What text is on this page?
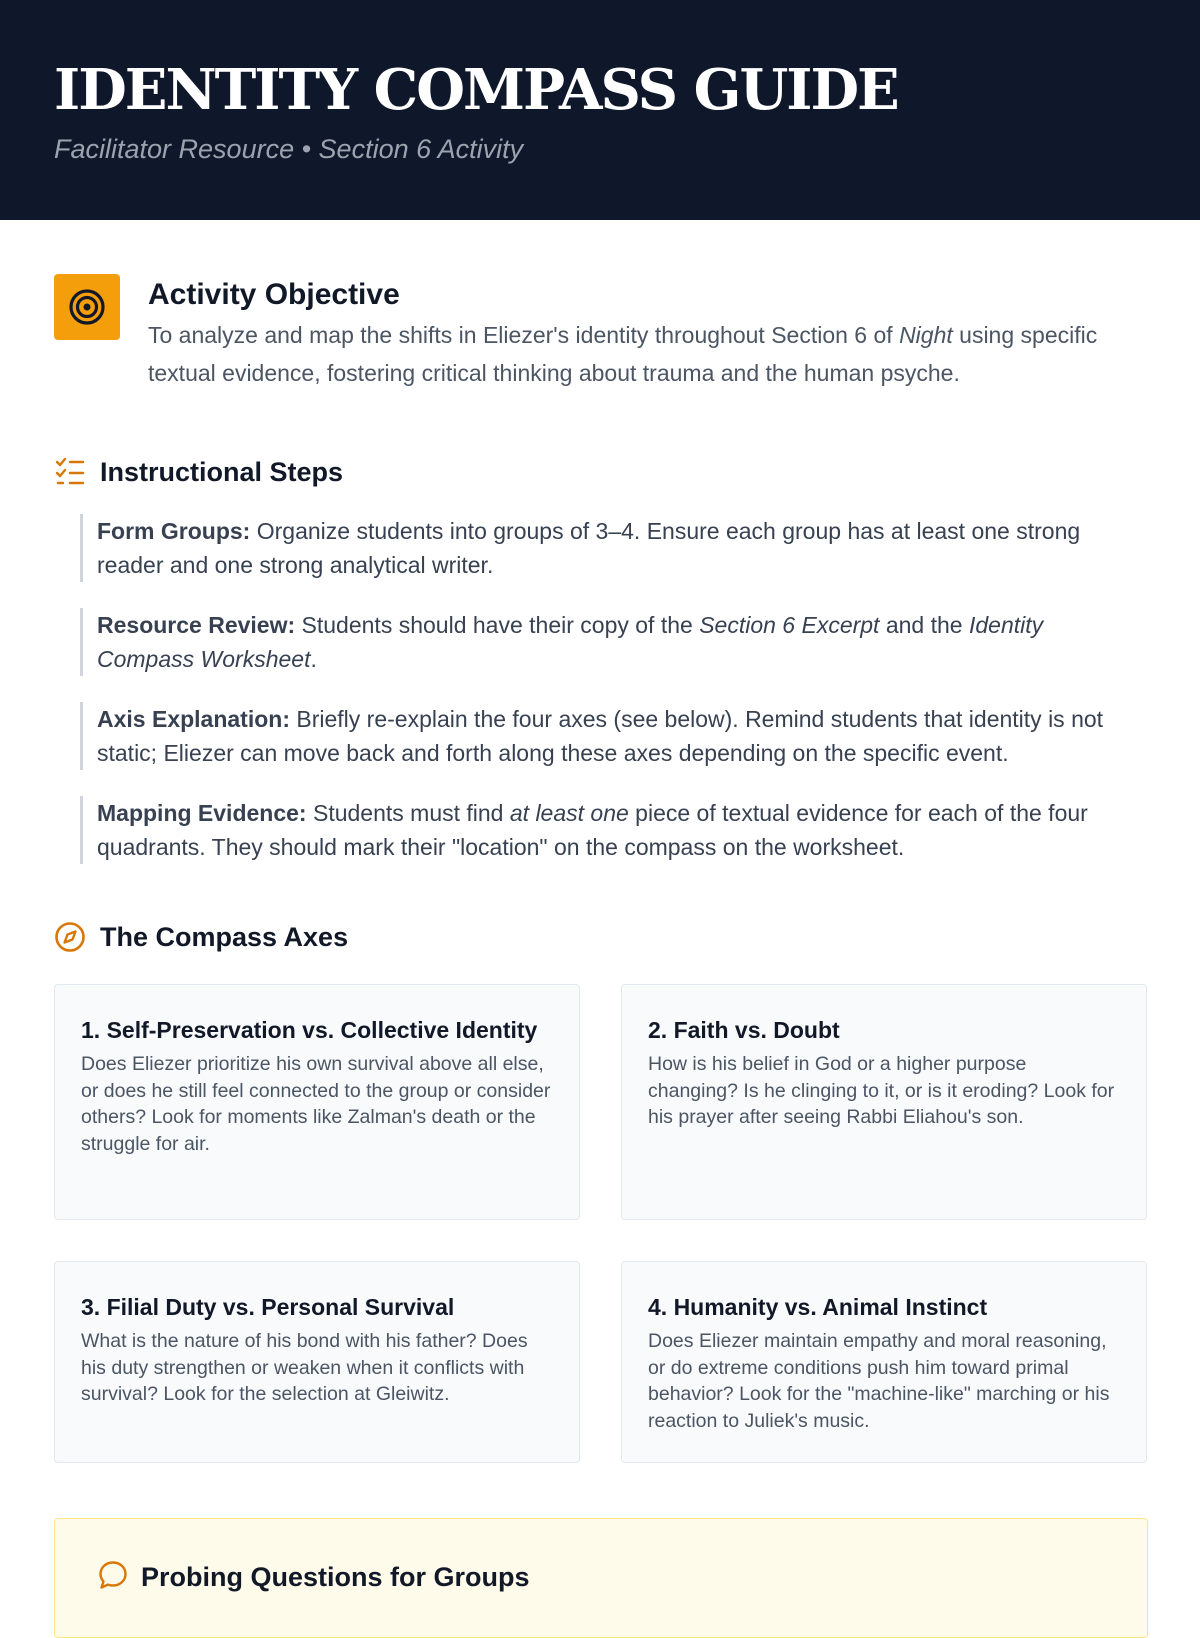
IDENTITY COMPASS GUIDE
Facilitator Resource • Section 6 Activity
Activity Objective
To analyze and map the shifts in Eliezer's identity throughout Section 6 of Night using specific textual evidence, fostering critical thinking about trauma and the human psyche.
Instructional Steps
Form Groups: Organize students into groups of 3–4. Ensure each group has at least one strong reader and one strong analytical writer.
Resource Review: Students should have their copy of the Section 6 Excerpt and the Identity Compass Worksheet.
Axis Explanation: Briefly re-explain the four axes (see below). Remind students that identity is not static; Eliezer can move back and forth along these axes depending on the specific event.
Mapping Evidence: Students must find at least one piece of textual evidence for each of the four quadrants. They should mark their "location" on the compass on the worksheet.
The Compass Axes
1. Self-Preservation vs. Collective Identity
Does Eliezer prioritize his own survival above all else, or does he still feel connected to the group or consider others? Look for moments like Zalman's death or the struggle for air.
2. Faith vs. Doubt
How is his belief in God or a higher purpose changing? Is he clinging to it, or is it eroding? Look for his prayer after seeing Rabbi Eliahou's son.
3. Filial Duty vs. Personal Survival
What is the nature of his bond with his father? Does his duty strengthen or weaken when it conflicts with survival? Look for the selection at Gleiwitz.
4. Humanity vs. Animal Instinct
Does Eliezer maintain empathy and moral reasoning, or do extreme conditions push him toward primal behavior? Look for the "machine-like" marching or his reaction to Juliek's music.
Probing Questions for Groups
